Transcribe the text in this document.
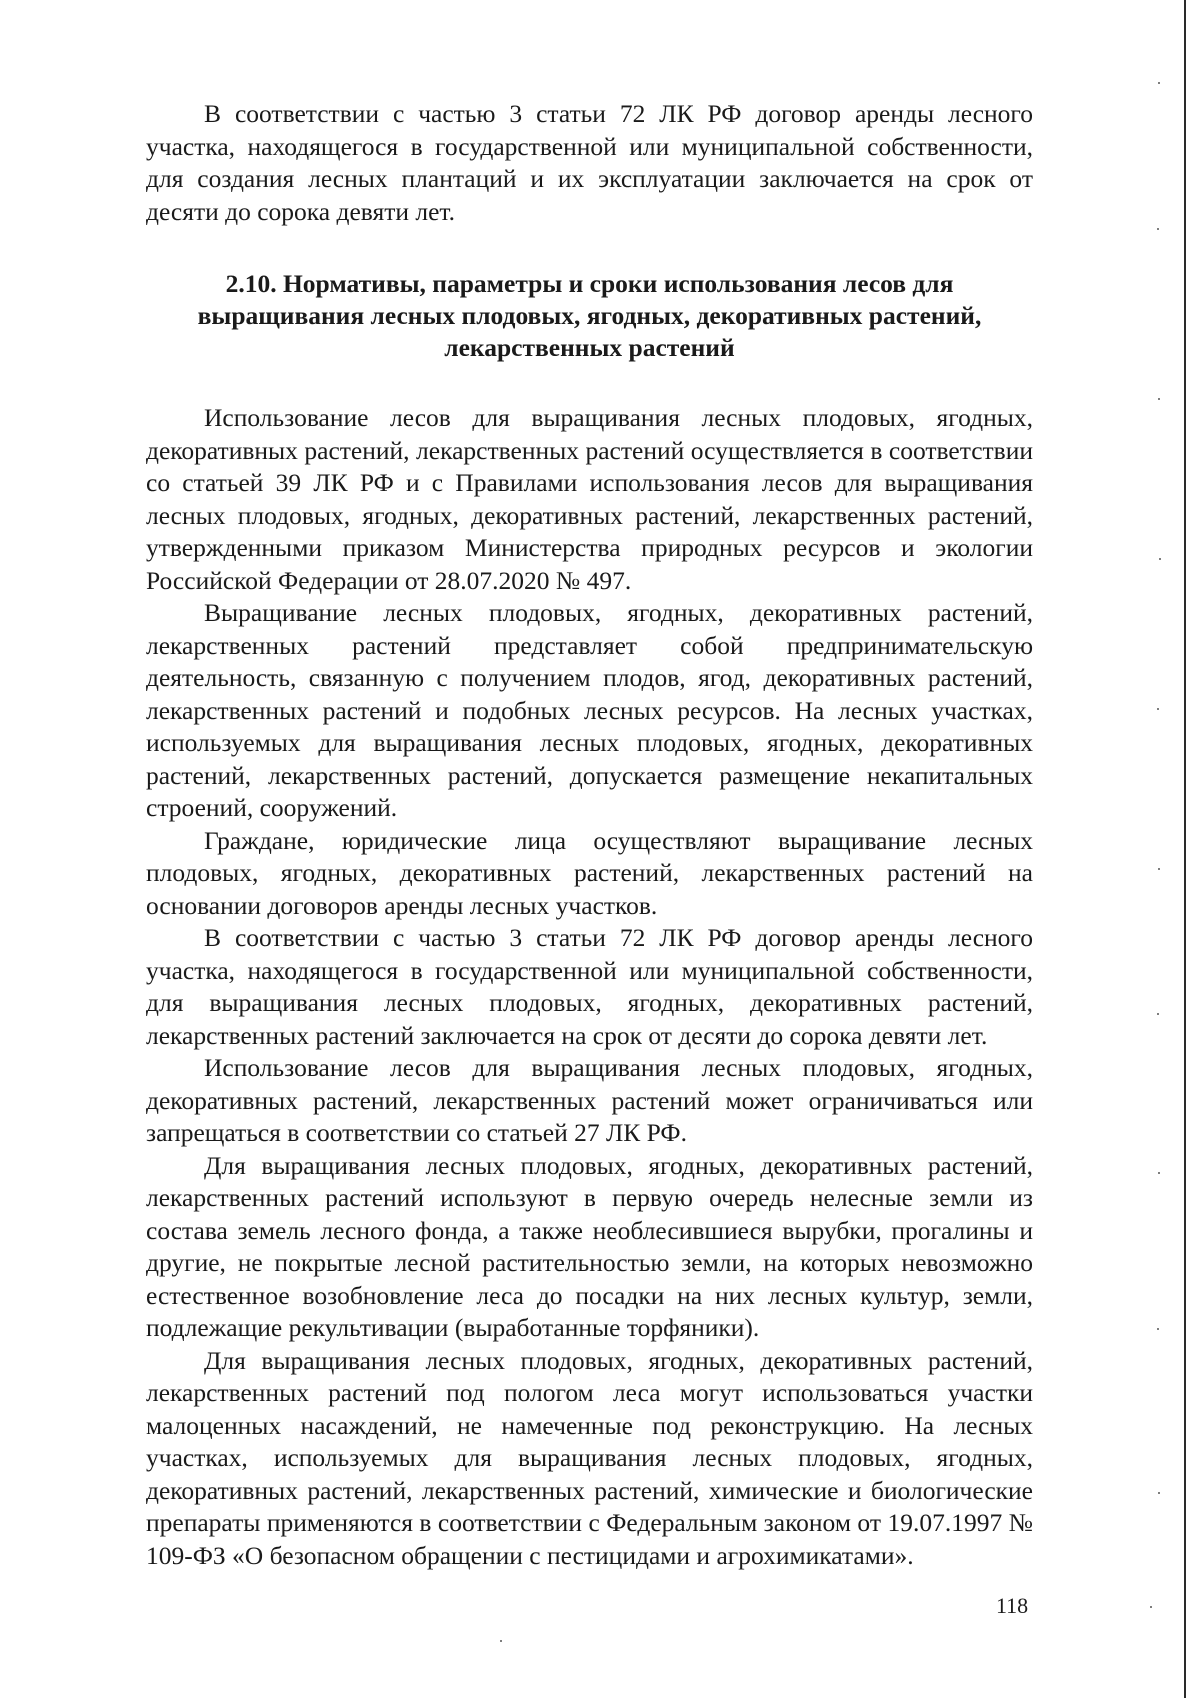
В соответствии с частью 3 статьи 72 ЛК РФ договор аренды лесного участка, находящегося в государственной или муниципальной собственности, для создания лесных плантаций и их эксплуатации заключается на срок от десяти до сорока девяти лет.

2.10. Нормативы, параметры и сроки использования лесов для выращивания лесных плодовых, ягодных, декоративных растений, лекарственных растений

Использование лесов для выращивания лесных плодовых, ягодных, декоративных растений, лекарственных растений осуществляется в соответствии со статьей 39 ЛК РФ и с Правилами использования лесов для выращивания лесных плодовых, ягодных, декоративных растений, лекарственных растений, утвержденными приказом Министерства природных ресурсов и экологии Российской Федерации от 28.07.2020 № 497.

Выращивание лесных плодовых, ягодных, декоративных растений, лекарственных растений представляет собой предпринимательскую деятельность, связанную с получением плодов, ягод, декоративных растений, лекарственных растений и подобных лесных ресурсов. На лесных участках, используемых для выращивания лесных плодовых, ягодных, декоративных растений, лекарственных растений, допускается размещение некапитальных строений, сооружений.

Граждане, юридические лица осуществляют выращивание лесных плодовых, ягодных, декоративных растений, лекарственных растений на основании договоров аренды лесных участков.

В соответствии с частью 3 статьи 72 ЛК РФ договор аренды лесного участка, находящегося в государственной или муниципальной собственности, для выращивания лесных плодовых, ягодных, декоративных растений, лекарственных растений заключается на срок от десяти до сорока девяти лет.

Использование лесов для выращивания лесных плодовых, ягодных, декоративных растений, лекарственных растений может ограничиваться или запрещаться в соответствии со статьей 27 ЛК РФ.

Для выращивания лесных плодовых, ягодных, декоративных растений, лекарственных растений используют в первую очередь нелесные земли из состава земель лесного фонда, а также необлесившиеся вырубки, прогалины и другие, не покрытые лесной растительностью земли, на которых невозможно естественное возобновление леса до посадки на них лесных культур, земли, подлежащие рекультивации (выработанные торфяники).

Для выращивания лесных плодовых, ягодных, декоративных растений, лекарственных растений под пологом леса могут использоваться участки малоценных насаждений, не намеченные под реконструкцию. На лесных участках, используемых для выращивания лесных плодовых, ягодных, декоративных растений, лекарственных растений, химические и биологические препараты применяются в соответствии с Федеральным законом от 19.07.1997 № 109-ФЗ «О безопасном обращении с пестицидами и агрохимикатами».

118
